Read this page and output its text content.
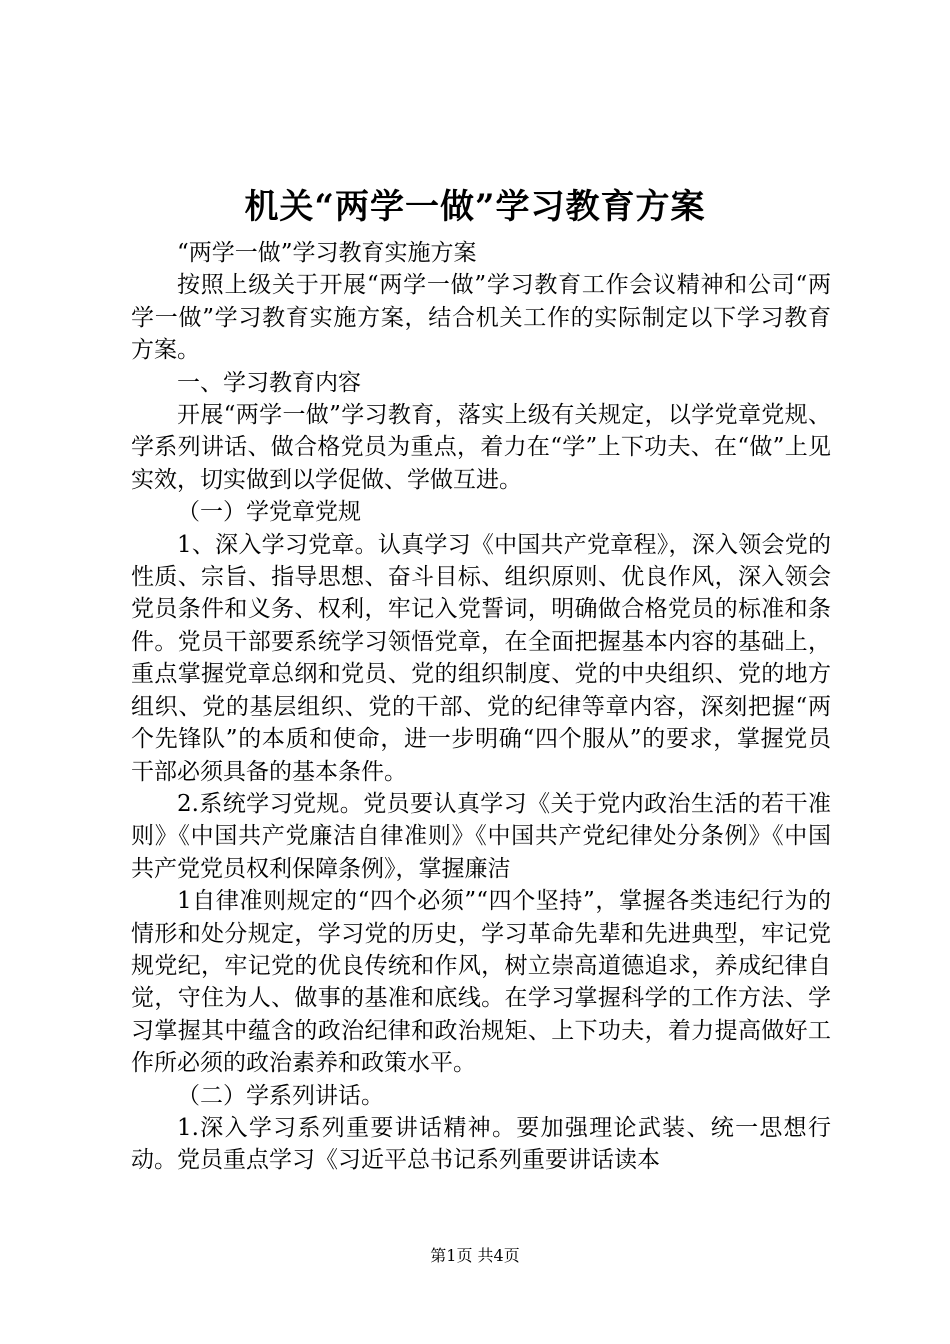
机关“两学一做”学习教育方案

“两学一做”学习教育实施方案

按照上级关于开展“两学一做”学习教育工作会议精神和公司“两学一做”学习教育实施方案，结合机关工作的实际制定以下学习教育方案。

一、学习教育内容

开展“两学一做”学习教育，落实上级有关规定，以学党章党规、学系列讲话、做合格党员为重点，着力在“学”上下功夫、在“做”上见实效，切实做到以学促做、学做互进。

（一）学党章党规

1、深入学习党章。认真学习《中国共产党章程》，深入领会党的性质、宗旨、指导思想、奋斗目标、组织原则、优良作风，深入领会党员条件和义务、权利，牢记入党誓词，明确做合格党员的标准和条件。党员干部要系统学习领悟党章，在全面把握基本内容的基础上，重点掌握党章总纲和党员、党的组织制度、党的中央组织、党的地方组织、党的基层组织、党的干部、党的纪律等章内容，深刻把握“两个先锋队”的本质和使命，进一步明确“四个服从”的要求，掌握党员干部必须具备的基本条件。

2.系统学习党规。党员要认真学习《关于党内政治生活的若干准则》《中国共产党廉洁自律准则》《中国共产党纪律处分条例》《中国共产党党员权利保障条例》，掌握廉洁

1自律准则规定的“四个必须”“四个坚持”，掌握各类违纪行为的情形和处分规定，学习党的历史，学习革命先辈和先进典型，牢记党规党纪，牢记党的优良传统和作风，树立崇高道德追求，养成纪律自觉，守住为人、做事的基准和底线。在学习掌握科学的工作方法、学习掌握其中蕴含的政治纪律和政治规矩、上下功夫，着力提高做好工作所必须的政治素养和政策水平。

（二）学系列讲话。

1.深入学习系列重要讲话精神。要加强理论武装、统一思想行动。党员重点学习《习近平总书记系列重要讲话读本

第1页 共4页
